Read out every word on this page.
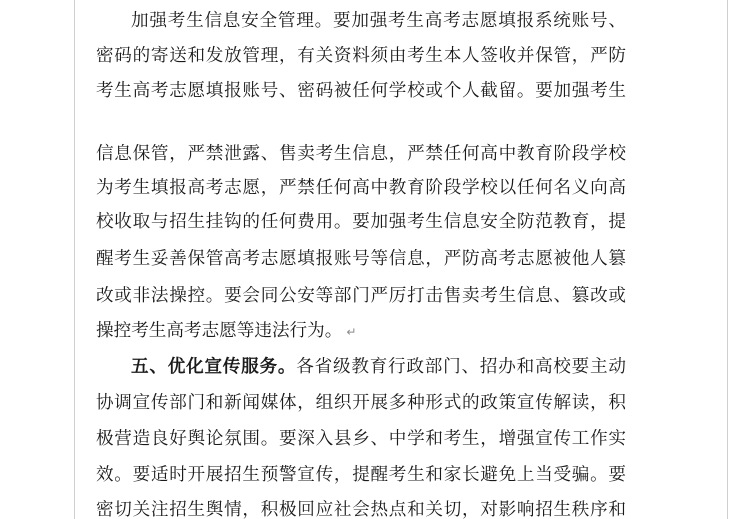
加强考生信息安全管理。要加强考生高考志愿填报系统账号、
密码的寄送和发放管理，有关资料须由考生本人签收并保管，严防
考生高考志愿填报账号、密码被任何学校或个人截留。要加强考生
信息保管，严禁泄露、售卖考生信息，严禁任何高中教育阶段学校
为考生填报高考志愿，严禁任何高中教育阶段学校以任何名义向高
校收取与招生挂钩的任何费用。要加强考生信息安全防范教育，提
醒考生妥善保管高考志愿填报账号等信息，严防高考志愿被他人篡
改或非法操控。要会同公安等部门严厉打击售卖考生信息、篡改或
操控考生高考志愿等违法行为。 ↵
五、优化宣传服务。各省级教育行政部门、招办和高校要主动
协调宣传部门和新闻媒体，组织开展多种形式的政策宣传解读，积
极营造良好舆论氛围。要深入县乡、中学和考生，增强宣传工作实
效。要适时开展招生预警宣传，提醒考生和家长避免上当受骗。要
密切关注招生舆情，积极回应社会热点和关切，对影响招生秩序和
